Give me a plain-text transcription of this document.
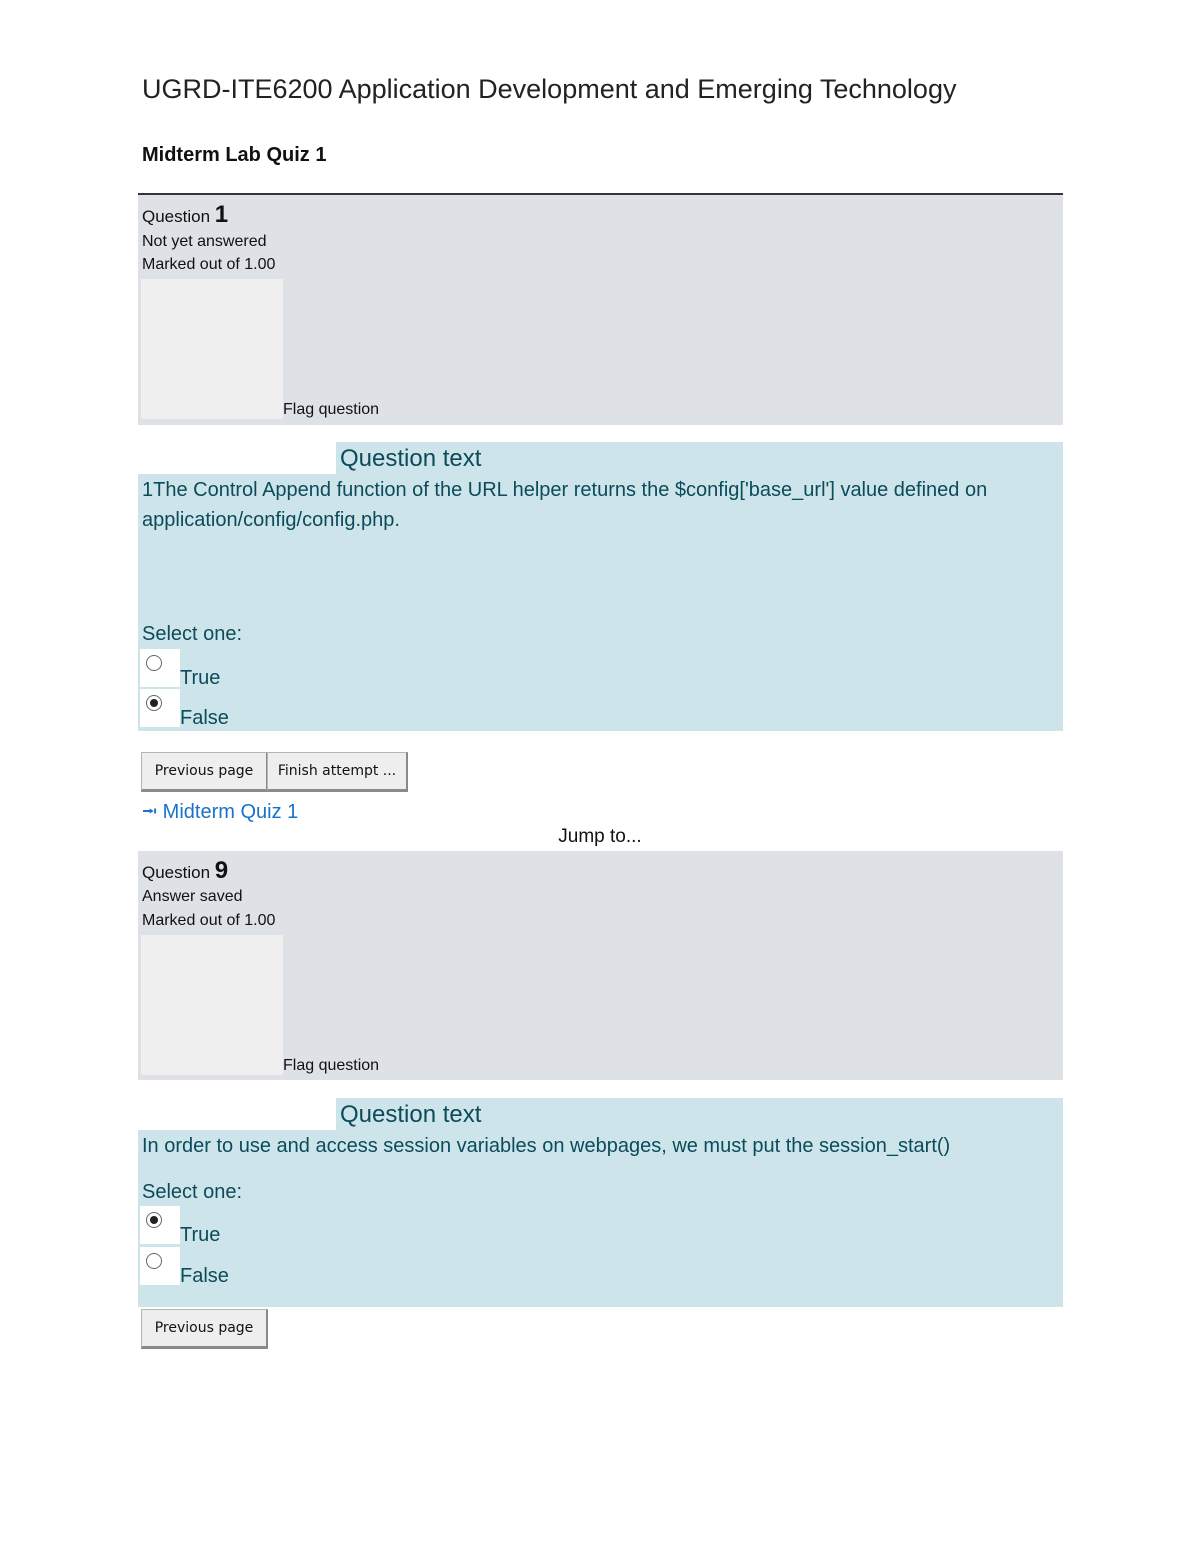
UGRD-ITE6200 Application Development and Emerging Technology
Midterm Lab Quiz 1
Question 1
Not yet answered
Marked out of 1.00
Flag question
Question text
1The Control Append function of the URL helper returns the $config['base_url'] value defined on application/config/config.php.
Select one:
True
False
Previous page	Finish attempt ...
⭲ Midterm Quiz 1
Jump to...
Question 9
Answer saved
Marked out of 1.00
Flag question
Question text
In order to use and access session variables on webpages, we must put the session_start()
Select one:
True
False
Previous page
